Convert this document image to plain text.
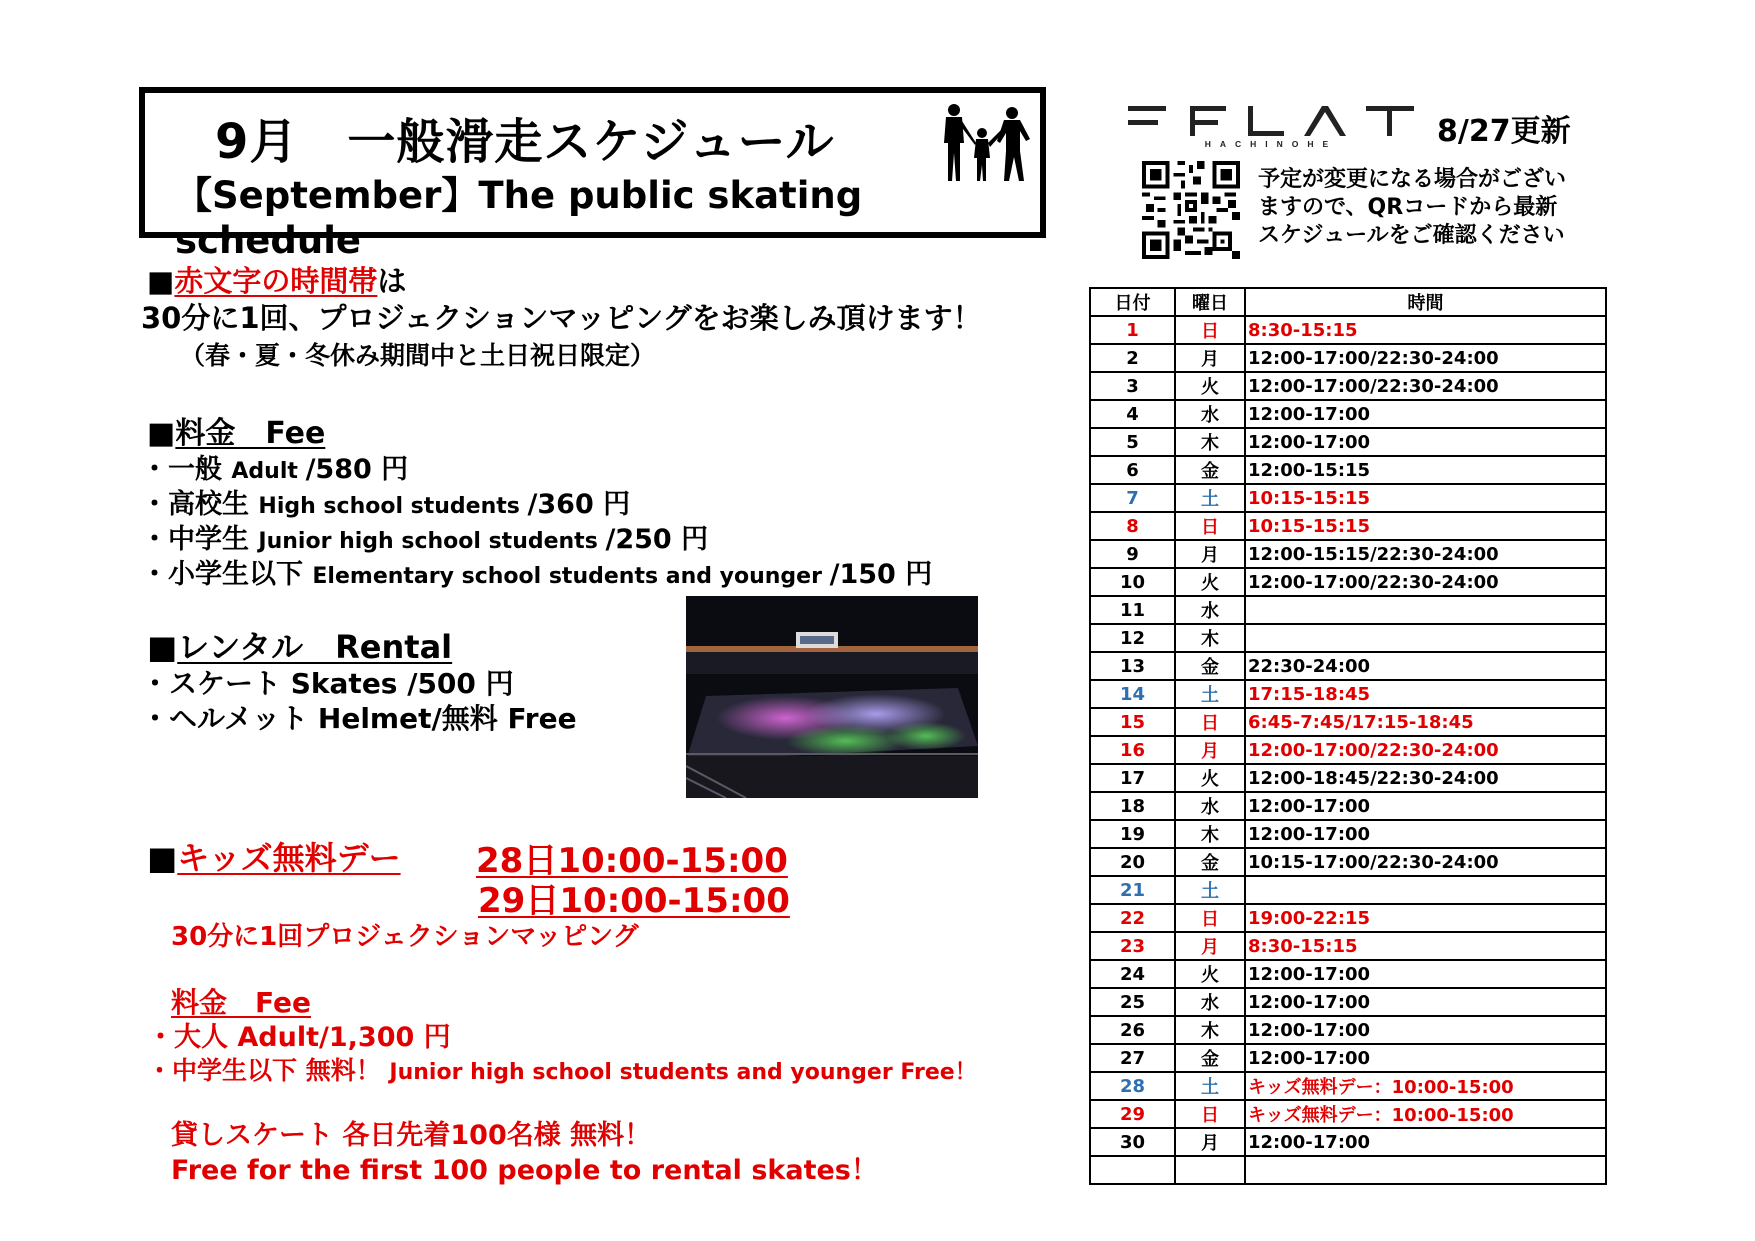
9月　一般滑走スケジュール
【September】The public skating schedule
HACHINOHE	8/27更新
予定が変更になる場合がござい
ますので、QRコードから最新
スケジュールをご確認ください
■赤文字の時間帯は
30分に1回、プロジェクションマッピングをお楽しみ頂けます！
（春・夏・冬休み期間中と土日祝日限定）
■料金　Fee
・一般 Adult /580 円
・高校生 High school students /360 円
・中学生 Junior high school students /250 円
・小学生以下 Elementary school students and younger /150 円
■レンタル　Rental
・スケート Skates /500 円
・ヘルメット Helmet/無料 Free
■キッズ無料デー 28日10:00-15:00
29日10:00-15:00
30分に1回プロジェクションマッピング
料金　Fee
・大人 Adult/1,300 円
・中学生以下 無料！ Junior high school students and younger Free！
貸しスケート 各日先着100名様 無料！
Free for the first 100 people to rental skates！
日付	曜日	時間
1	日	8:30-15:15
2	月	12:00-17:00/22:30-24:00
3	火	12:00-17:00/22:30-24:00
4	水	12:00-17:00
5	木	12:00-17:00
6	金	12:00-15:15
7	土	10:15-15:15
8	日	10:15-15:15
9	月	12:00-15:15/22:30-24:00
10	火	12:00-17:00/22:30-24:00
11	水	
12	木	
13	金	22:30-24:00
14	土	17:15-18:45
15	日	6:45-7:45/17:15-18:45
16	月	12:00-17:00/22:30-24:00
17	火	12:00-18:45/22:30-24:00
18	水	12:00-17:00
19	木	12:00-17:00
20	金	10:15-17:00/22:30-24:00
21	土	
22	日	19:00-22:15
23	月	8:30-15:15
24	火	12:00-17:00
25	水	12:00-17:00
26	木	12:00-17:00
27	金	12:00-17:00
28	土	キッズ無料デー：10:00-15:00
29	日	キッズ無料デー：10:00-15:00
30	月	12:00-17:00
